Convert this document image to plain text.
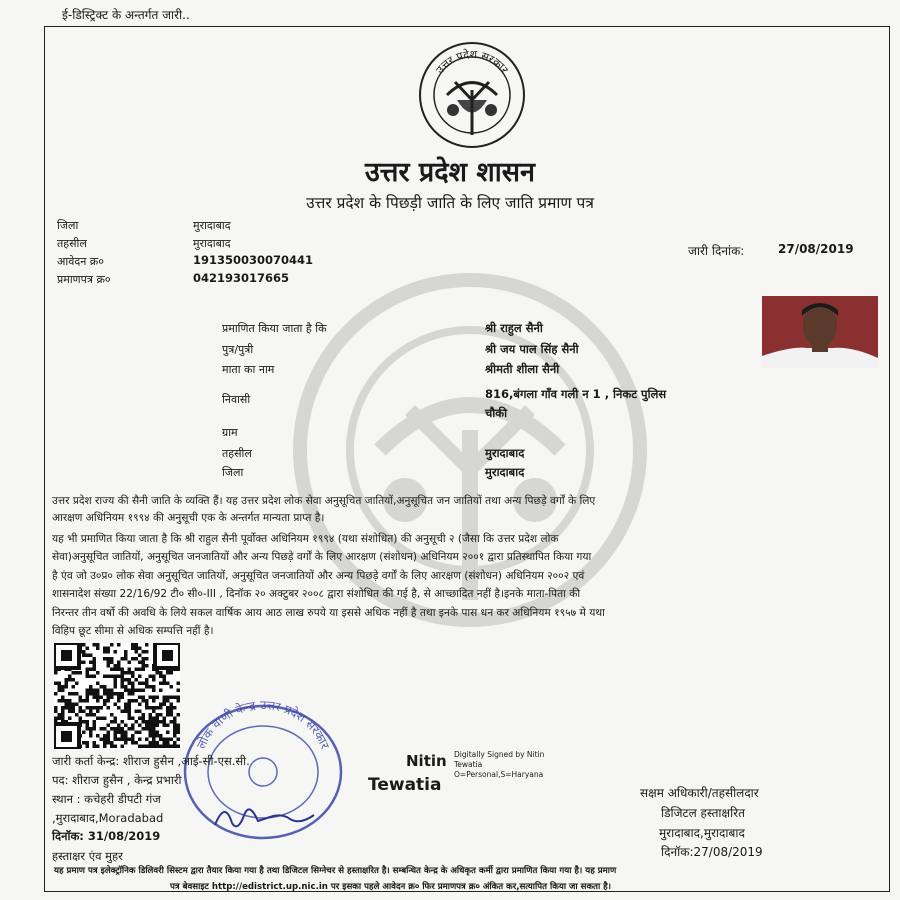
ई-डिस्ट्रिक्ट के अन्तर्गत जारी..
उत्तर प्रदेश सरकार
उत्तर प्रदेश शासन
उत्तर प्रदेश के पिछड़ी जाति के लिए जाति प्रमाण पत्र
जिला	मुरादाबाद
तहसील	मुरादाबाद
आवेदन क्र०	191350030070441
प्रमाणपत्र क्र०	042193017665
जारी दिनांक:	27/08/2019
प्रमाणित किया जाता है कि	श्री राहुल सैनी
पुत्र/पुत्री	श्री जय पाल सिंह सैनी
माता का नाम	श्रीमती शीला सैनी
निवासी	816,बंगला गाँव गली न 1 , निकट पुलिस
चौकी
ग्राम
तहसील	मुरादाबाद
जिला	मुरादाबाद
उत्तर प्रदेश राज्य की सैनी जाति के व्यक्ति हैं। यह उत्तर प्रदेश लोक सेवा अनुसूचित जातियों,अनुसूचित जन जातियों तथा अन्य पिछड़े वर्गों के लिए
आरक्षण अधिनियम १९९४ की अनुसूची एक के अन्तर्गत मान्यता प्राप्त है।
यह भी प्रमाणित किया जाता है कि श्री राहुल सैनी पूर्वोक्त अधिनियम १९९४ (यथा संशोधित) की अनुसूची २ (जैसा कि उत्तर प्रदेश लोक
सेवा)अनुसूचित जातियों, अनुसूचित जनजातियों और अन्य पिछड़े वर्गों के लिए आरक्षण (संशोधन) अधिनियम २००१ द्वारा प्रतिस्थापित किया गया
है एंव जो उ०प्र० लोक सेवा अनुसूचित जातियों, अनुसूचित जनजातियों और अन्य पिछड़े वर्गों के लिए आरक्षण (संशोधन) अधिनियम २००२ एवं
शासनादेश संख्या 22/16/92 टी० सी०-III , दिनॉक २० अक्टुबर २००८ द्वारा संशोधित की गई है, से आच्छादित नहीं है।इनके माता-पिता की
निरन्तर तीन वर्षो की अवधि के लिये सकल वार्षिक आय आठ लाख रुपये या इससे अधिक नहीं है तथा इनके पास धन कर अधिनियम १९५७ मे यथा
विहिप छूट सीमा से अधिक सम्पत्ति नहीं है।
लोक वाणी केन्द्र उत्तर प्रदेश सरकार
जारी कर्ता केन्द्र: शीराज हुसैन ,आई-सी-एस.सी.
पद: शीराज हुसैन , केन्द्र प्रभारी
स्थान : कचेहरी डीपटी गंज
,मुरादाबाद,Moradabad
दिनॉक: 31/08/2019
हस्ताक्षर एंव मुहर
Nitin
Tewatia
Digitally Signed by Nitin
Tewatia
O=Personal,S=Haryana
सक्षम अधिकारी/तहसीलदार
डिजिटल हस्ताक्षरित
मुरादाबाद,मुरादाबाद
दिनॉक:27/08/2019
यह प्रमाण पत्र इलेक्ट्रॉनिक डिलिवरी सिस्टम द्वारा तैयार किया गया है तथा डिजिटल सिग्नेचर से हस्ताक्षरित है। सम्बन्धित केन्द्र के अधिकृत कर्मी द्वारा प्रमाणित किया गया है। यह प्रमाण
पत्र बेवसाइट http://edistrict.up.nic.in पर इसका पहले आवेदन क्र० फिर प्रमाणपत्र क्र० अंकित कर,सत्यापित किया जा सकता है।
